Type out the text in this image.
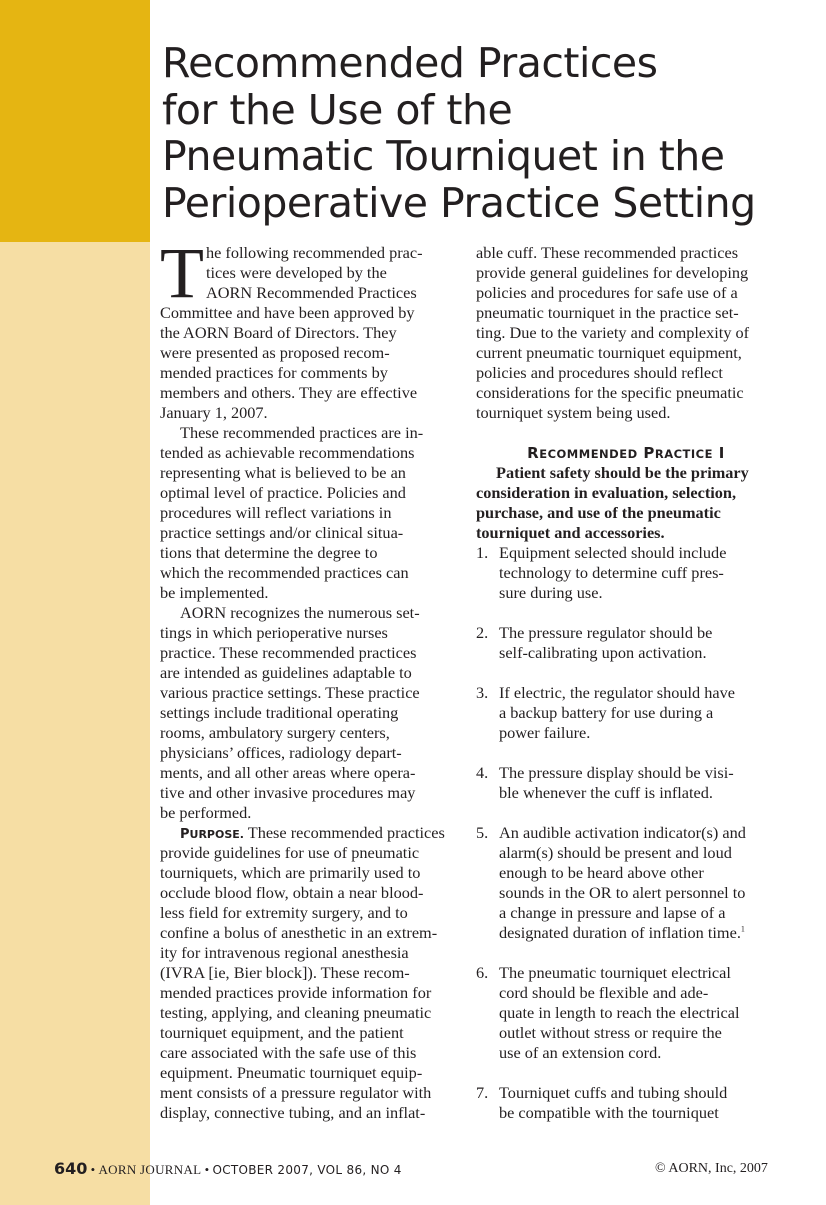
Recommended Practices
for the Use of the
Pneumatic Tourniquet in the
Perioperative Practice Setting
T he following recommended prac-
tices were developed by the
AORN Recommended Practices
Committee and have been approved by
the AORN Board of Directors. They
were presented as proposed recom-
mended practices for comments by
members and others. They are effective
January 1, 2007.
These recommended practices are in-
tended as achievable recommendations
representing what is believed to be an
optimal level of practice. Policies and
procedures will reflect variations in
practice settings and/or clinical situa-
tions that determine the degree to
which the recommended practices can
be implemented.
AORN recognizes the numerous set-
tings in which perioperative nurses
practice. These recommended practices
are intended as guidelines adaptable to
various practice settings. These practice
settings include traditional operating
rooms, ambulatory surgery centers,
physicians’ offices, radiology depart-
ments, and all other areas where opera-
tive and other invasive procedures may
be performed.
PURPOSE. These recommended practices
provide guidelines for use of pneumatic
tourniquets, which are primarily used to
occlude blood flow, obtain a near blood-
less field for extremity surgery, and to
confine a bolus of anesthetic in an extrem-
ity for intravenous regional anesthesia
(IVRA [ie, Bier block]). These recom-
mended practices provide information for
testing, applying, and cleaning pneumatic
tourniquet equipment, and the patient
care associated with the safe use of this
equipment. Pneumatic tourniquet equip-
ment consists of a pressure regulator with
display, connective tubing, and an inflat-
able cuff. These recommended practices
provide general guidelines for developing
policies and procedures for safe use of a
pneumatic tourniquet in the practice set-
ting. Due to the variety and complexity of
current pneumatic tourniquet equipment,
policies and procedures should reflect
considerations for the specific pneumatic
tourniquet system being used.
RECOMMENDED PRACTICE I
Patient safety should be the primary
consideration in evaluation, selection,
purchase, and use of the pneumatic
tourniquet and accessories.
1. Equipment selected should include
technology to determine cuff pres-
sure during use.
2. The pressure regulator should be
self-calibrating upon activation.
3. If electric, the regulator should have
a backup battery for use during a
power failure.
4. The pressure display should be visi-
ble whenever the cuff is inflated.
5. An audible activation indicator(s) and
alarm(s) should be present and loud
enough to be heard above other
sounds in the OR to alert personnel to
a change in pressure and lapse of a
designated duration of inflation time.$^1$
6. The pneumatic tourniquet electrical
cord should be flexible and ade-
quate in length to reach the electrical
outlet without stress or require the
use of an extension cord.
7. Tourniquet cuffs and tubing should
be compatible with the tourniquet
640 • AORN JOURNAL • OCTOBER 2007, VOL 86, NO 4	© AORN, Inc, 2007
